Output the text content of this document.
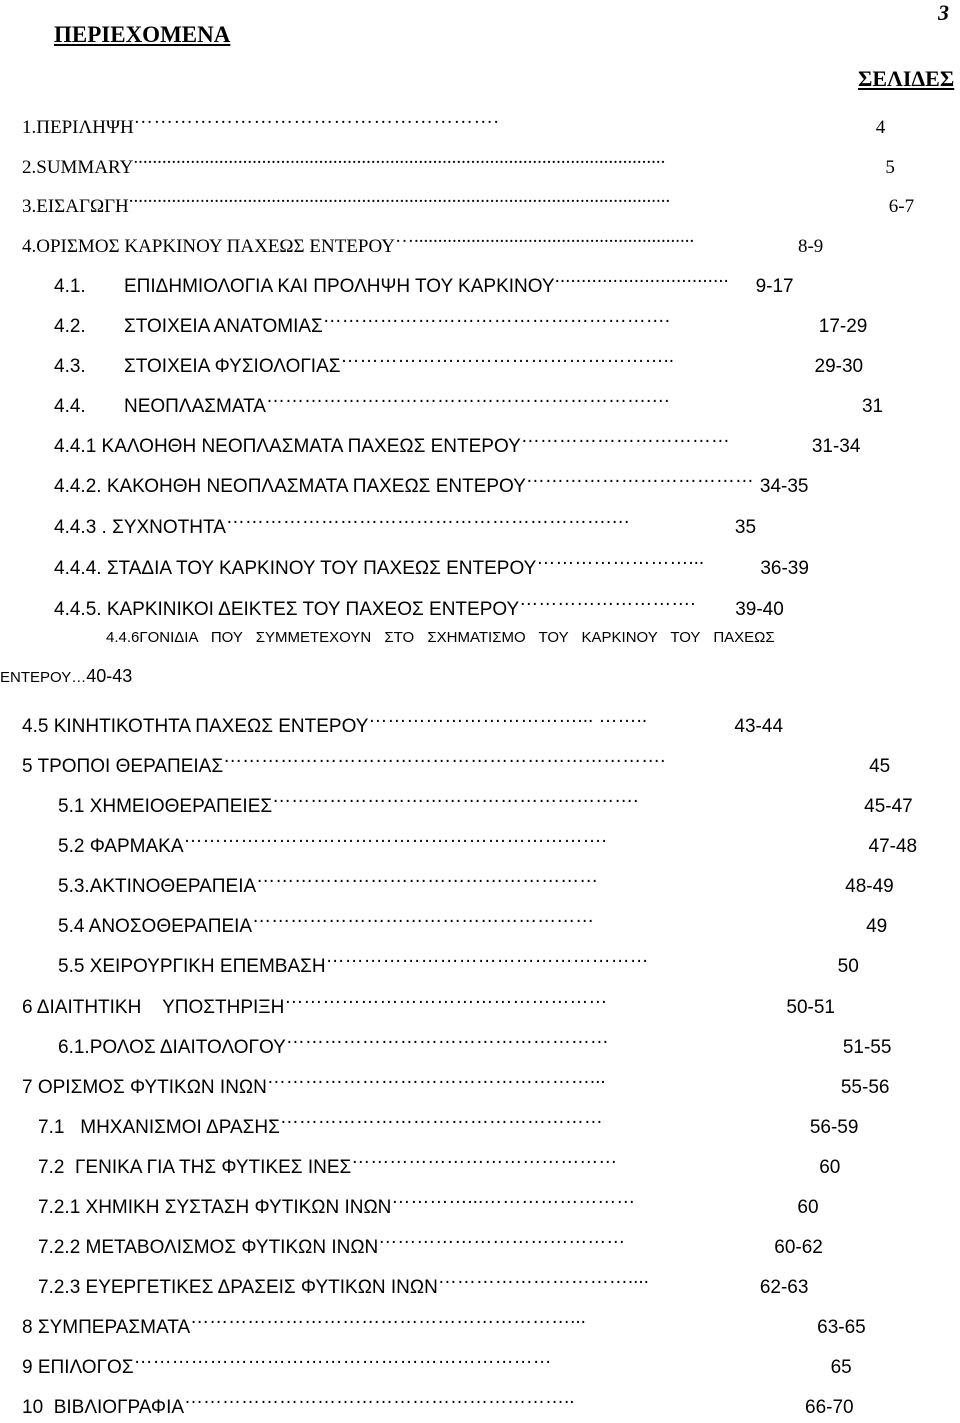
3
ΠΕΡΙΕΧΟΜΕΝΑ
ΣΕΛΙΔΕΣ
1.ΠΕΡΙΛΗΨΗ……………………………………………….	4
2.SUMMARY................................................................................................................	5
3.ΕΙΣΑΓΩΓΗ..................................................................................................................	6-7
4.ΟΡΙΣΜΟΣ ΚΑΡΚΙΝΟΥ ΠΑΧΕΩΣ ΕΝΤΕΡΟΥ…...........................................................	8-9
4.1. ΕΠΙΔΗΜΙΟΛΟΓΙΑ ΚΑΙ ΠΡΟΛΗΨΗ ΤΟΥ ΚΑΡΚΙΝΟΥ................................. 9-17
4.2. ΣΤΟΙΧΕΙΑ ΑΝΑΤΟΜΙΑΣ……………………………………………….	17-29
4.3. ΣΤΟΙΧΕΙΑ ΦΥΣΙΟΛΟΓΙΑΣ……………………………………………..	29-30
4.4. ΝΕΟΠΛΑΣΜΑΤΑ…………………………………………………….…	31
4.4.1 ΚΑΛΟΗΘΗ ΝΕΟΠΛΑΣΜΑΤΑ ΠΑΧΕΩΣ ΕΝΤΕΡΟΥ……………………………	31-34
4.4.2. ΚΑΚΟΗΘΗ ΝΕΟΠΛΑΣΜΑΤΑ ΠΑΧΕΩΣ ΕΝΤΕΡΟΥ……………………………… 34-35
4.4.3 . ΣΥΧΝΟΤΗΤΑ…………………………………………………….…	35
4.4.4. ΣΤΑΔΙΑ ΤΟΥ ΚΑΡΚΙΝΟΥ ΤΟΥ ΠΑΧΕΩΣ ΕΝΤΕΡΟΥ……………………...	36-39
4.4.5. ΚΑΡΚΙΝΙΚΟΙ ΔΕΙΚΤΕΣ ΤΟΥ ΠΑΧΕΟΣ ΕΝΤΕΡΟΥ………………………. 39-40
4.4.6ΓΟΝΙΔΙΑ ΠΟΥ ΣΥΜΜΕΤΕΧΟΥΝ ΣΤΟ ΣΧΗΜΑΤΙΣΜΟ ΤΟΥ ΚΑΡΚΙΝΟΥ ΤΟΥ ΠΑΧΕΩΣ
ΕΝΤΕΡΟΥ…40-43
4.5 ΚΙΝΗΤΙΚΟΤΗΤΑ ΠΑΧΕΩΣ ΕΝΤΕΡΟΥ……………………………... ……..	43-44
5 ΤΡΟΠΟΙ ΘΕΡΑΠΕΙΑΣ…………………………………………………………….	45
5.1 ΧΗΜΕΙΟΘΕΡΑΠΕΙΕΣ………………………………………………….	45-47
5.2 ΦΑΡΜΑΚΑ………………………………………………………….	47-48
5.3.ΑΚΤΙΝΟΘΕΡΑΠΕΙΑ………………………………………………	48-49
5.4 ΑΝΟΣΟΘΕΡΑΠΕΙΑ………………………………………………	49
5.5 ΧΕΙΡΟΥΡΓΙΚΗ ΕΠΕΜΒΑΣΗ……………………………………………	50
6 ΔΙΑΙΤΗΤΙΚΗ    ΥΠΟΣΤΗΡΙΞΗ……………………………………………	50-51
6.1.ΡΟΛΟΣ ΔΙΑΙΤΟΛΟΓΟΥ……………………………………………	51-55
7 ΟΡΙΣΜΟΣ ΦΥΤΙΚΩΝ ΙΝΩΝ……………………………………………...	55-56
7.1   ΜΗΧΑΝΙΣΜΟΙ ΔΡΑΣΗΣ……………………………………………	56-59
7.2  ΓΕΝΙΚΑ ΓΙΑ ΤΗΣ ΦΥΤΙΚΕΣ ΙΝΕΣ……………………………………	60
7.2.1 ΧΗΜΙΚΗ ΣΥΣΤΑΣΗ ΦΥΤΙΚΩΝ ΙΝΩΝ…………...……………………	60
7.2.2 ΜΕΤΑΒΟΛΙΣΜΟΣ ΦΥΤΙΚΩΝ ΙΝΩΝ…………………………………	60-62
7.2.3 ΕΥΕΡΓΕΤΙΚΕΣ ΔΡΑΣΕΙΣ ΦΥΤΙΚΩΝ ΙΝΩΝ…………………………....	62-63
8 ΣΥΜΠΕΡΑΣΜΑΤΑ……………………………………………………...	63-65
9 ΕΠΙΛΟΓΟΣ…………………………………………………………	65
10  ΒΙΒΛΙΟΓΡΑΦΙΑ……………………………………………………..	66-70
